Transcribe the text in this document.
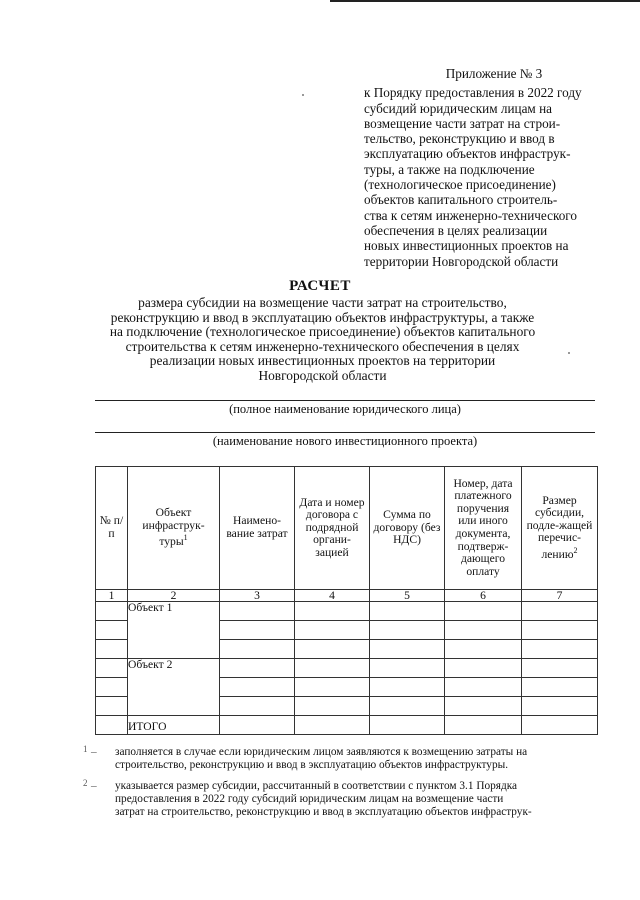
Приложение № 3
к Порядку предоставления в 2022 году
субсидий юридическим лицам на
возмещение части затрат на строи-
тельство, реконструкцию и ввод в
эксплуатацию объектов инфраструк-
туры, а также на подключение
(технологическое присоединение)
объектов капитального строитель-
ства к сетям инженерно-технического
обеспечения в целях реализации
новых инвестиционных проектов на
территории Новгородской области
РАСЧЕТ
размера субсидии на возмещение части затрат на строительство,
реконструкцию и ввод в эксплуатацию объектов инфраструктуры, а также
на подключение (технологическое присоединение) объектов капитального
строительства к сетям инженерно-технического обеспечения в целях
реализации новых инвестиционных проектов на территории
Новгородской области
(полное наименование юридического лица)
(наименование нового инвестиционного проекта)
№ п/п	Объект инфраструк-туры$^1$	Наимено-вание затрат	Дата и номер договора с подрядной органи-зацией	Сумма по договору (без НДС)	Номер, дата платежного поручения или иного документа, подтверж-дающего оплату	Размер субсидии, подле-жащей перечис-лению$^2$
1	2	3	4	5	6	7
	Объект 1					

	Объект 2					

	ИТОГО					
1 – заполняется в случае если юридическим лицом заявляются к возмещению затраты на
строительство, реконструкцию и ввод в эксплуатацию объектов инфраструктуры.
2 – указывается размер субсидии, рассчитанный в соответствии с пунктом 3.1 Порядка
предоставления в 2022 году субсидий юридическим лицам на возмещение части
затрат на строительство, реконструкцию и ввод в эксплуатацию объектов инфраструк-
